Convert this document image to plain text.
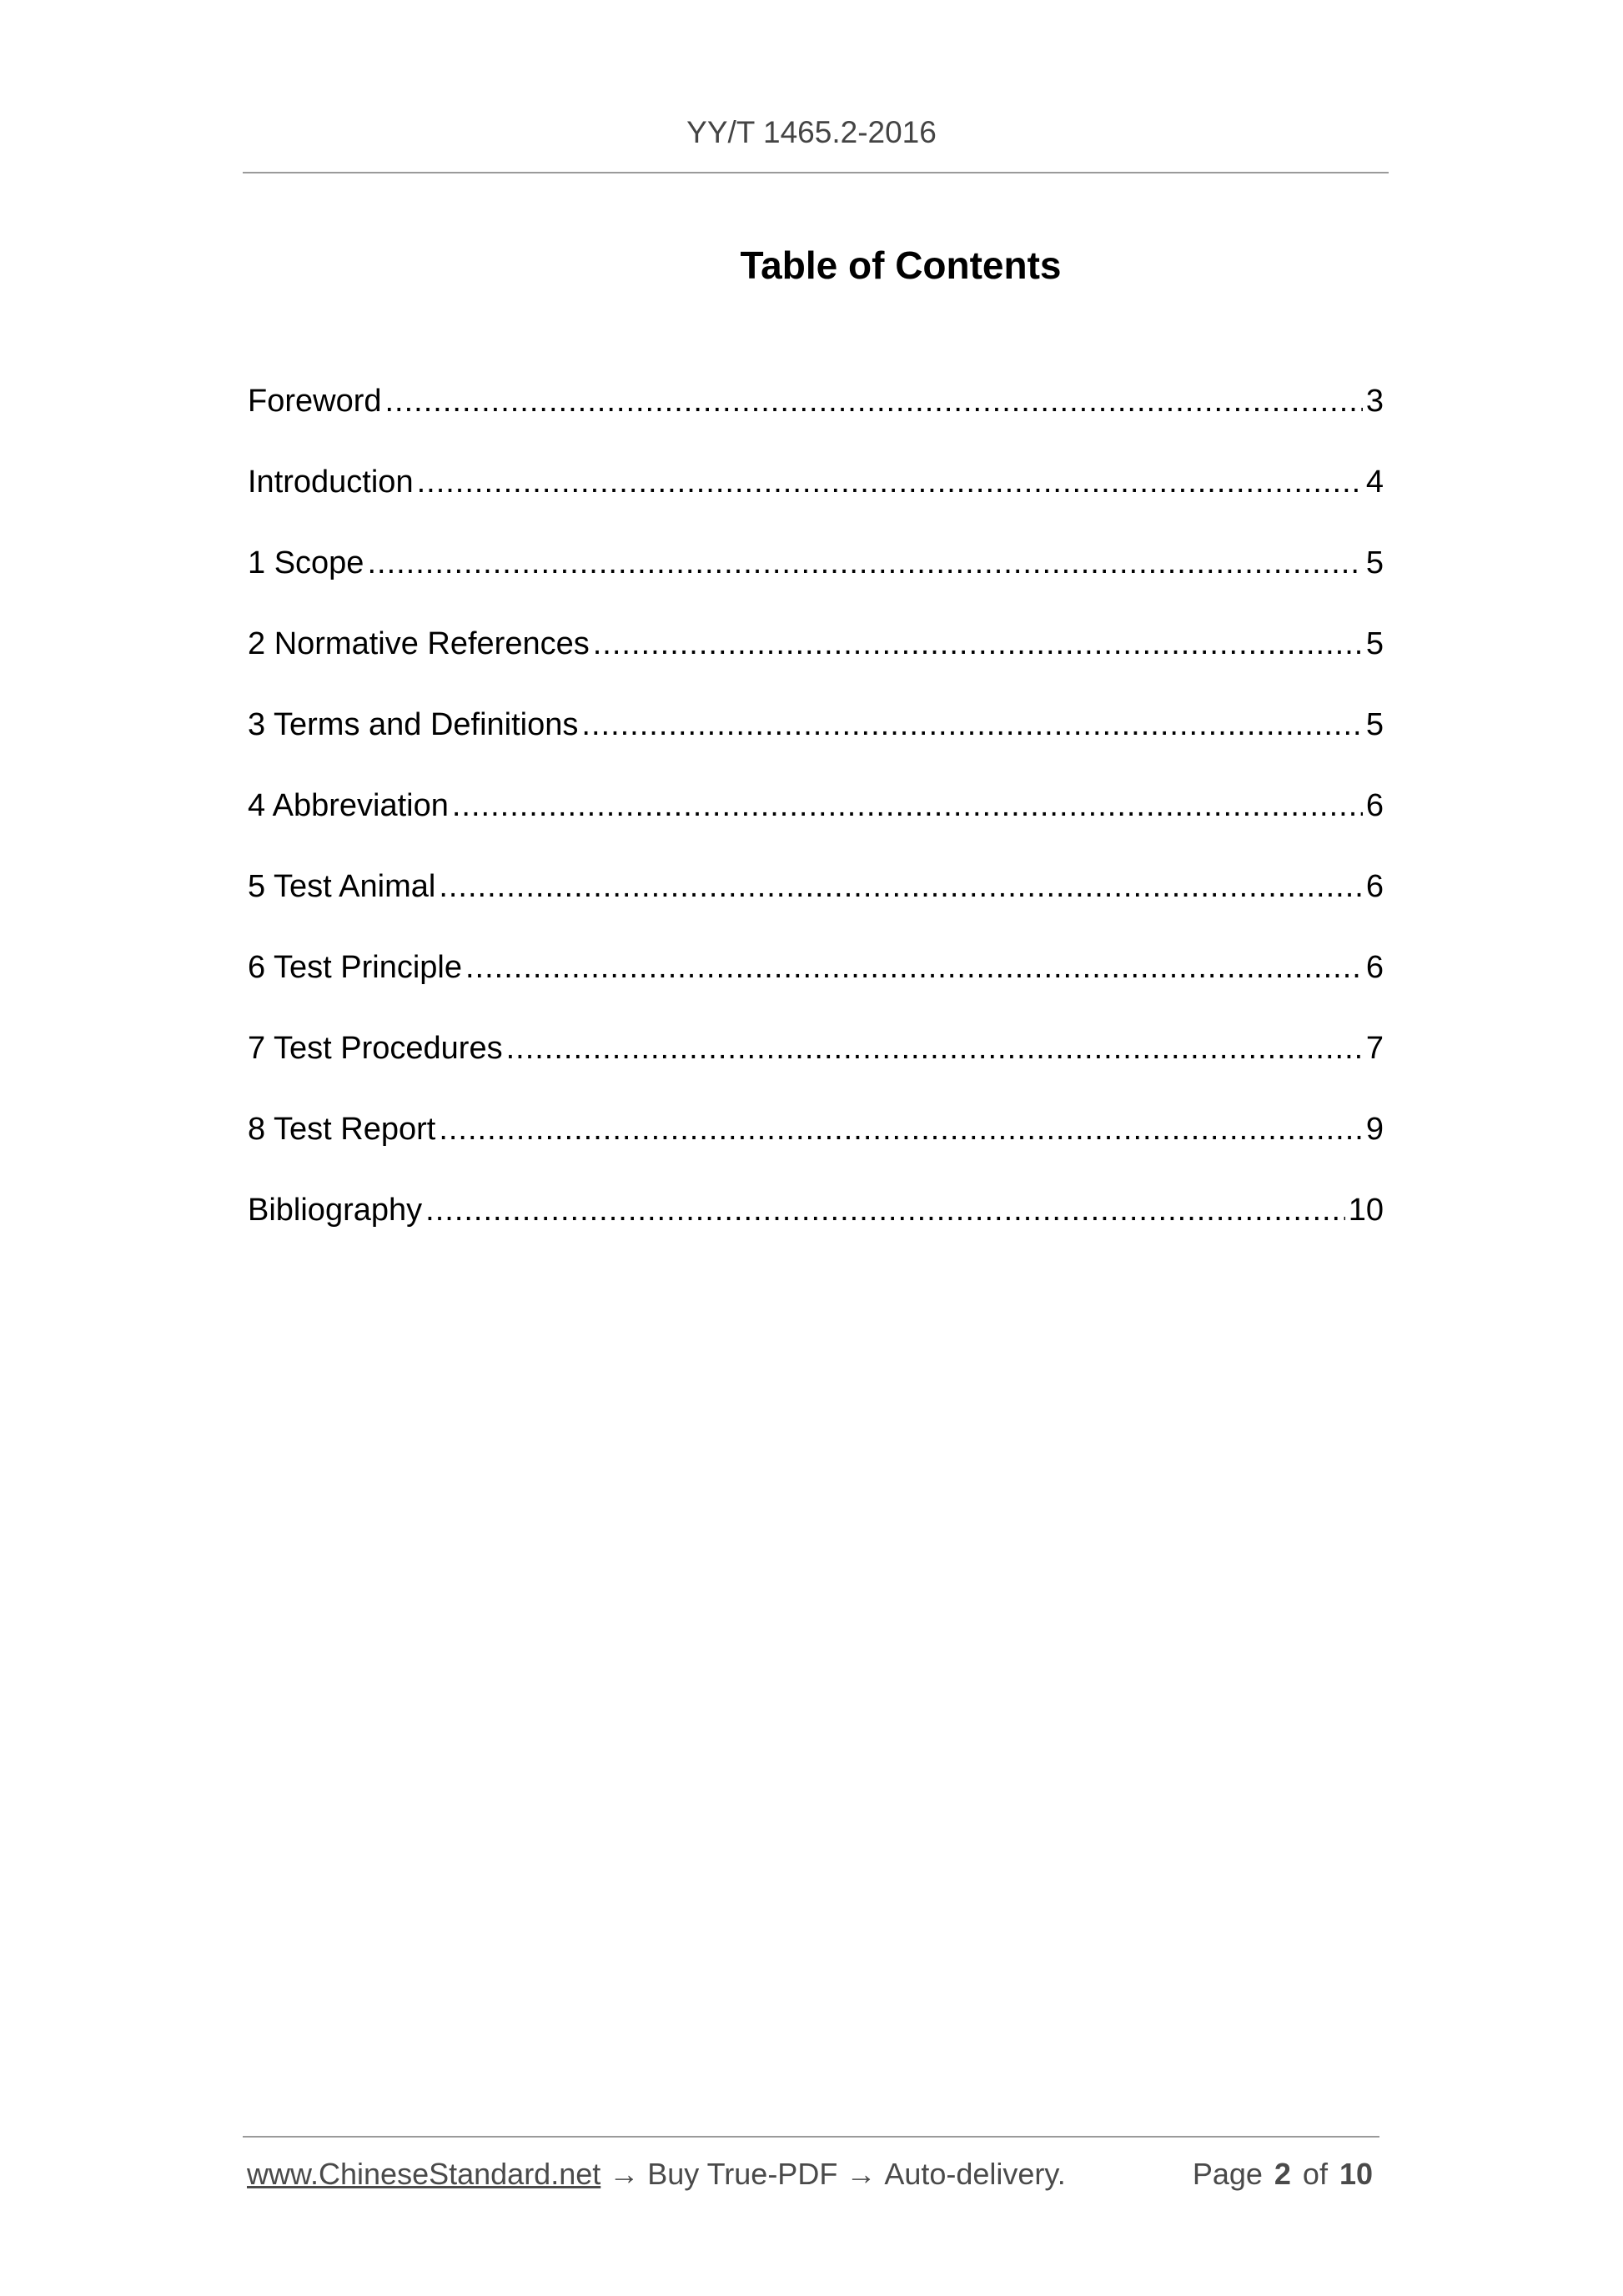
YY/T 1465.2-2016
Table of Contents
Foreword .....	3
Introduction .....	4
1 Scope .....	5
2 Normative References .....	5
3 Terms and Definitions .....	5
4 Abbreviation .....	6
5 Test Animal .....	6
6 Test Principle .....	6
7 Test Procedures .....	7
8 Test Report .....	9
Bibliography .....	10
www.ChineseStandard.net → Buy True-PDF → Auto-delivery.	Page 2 of 10
